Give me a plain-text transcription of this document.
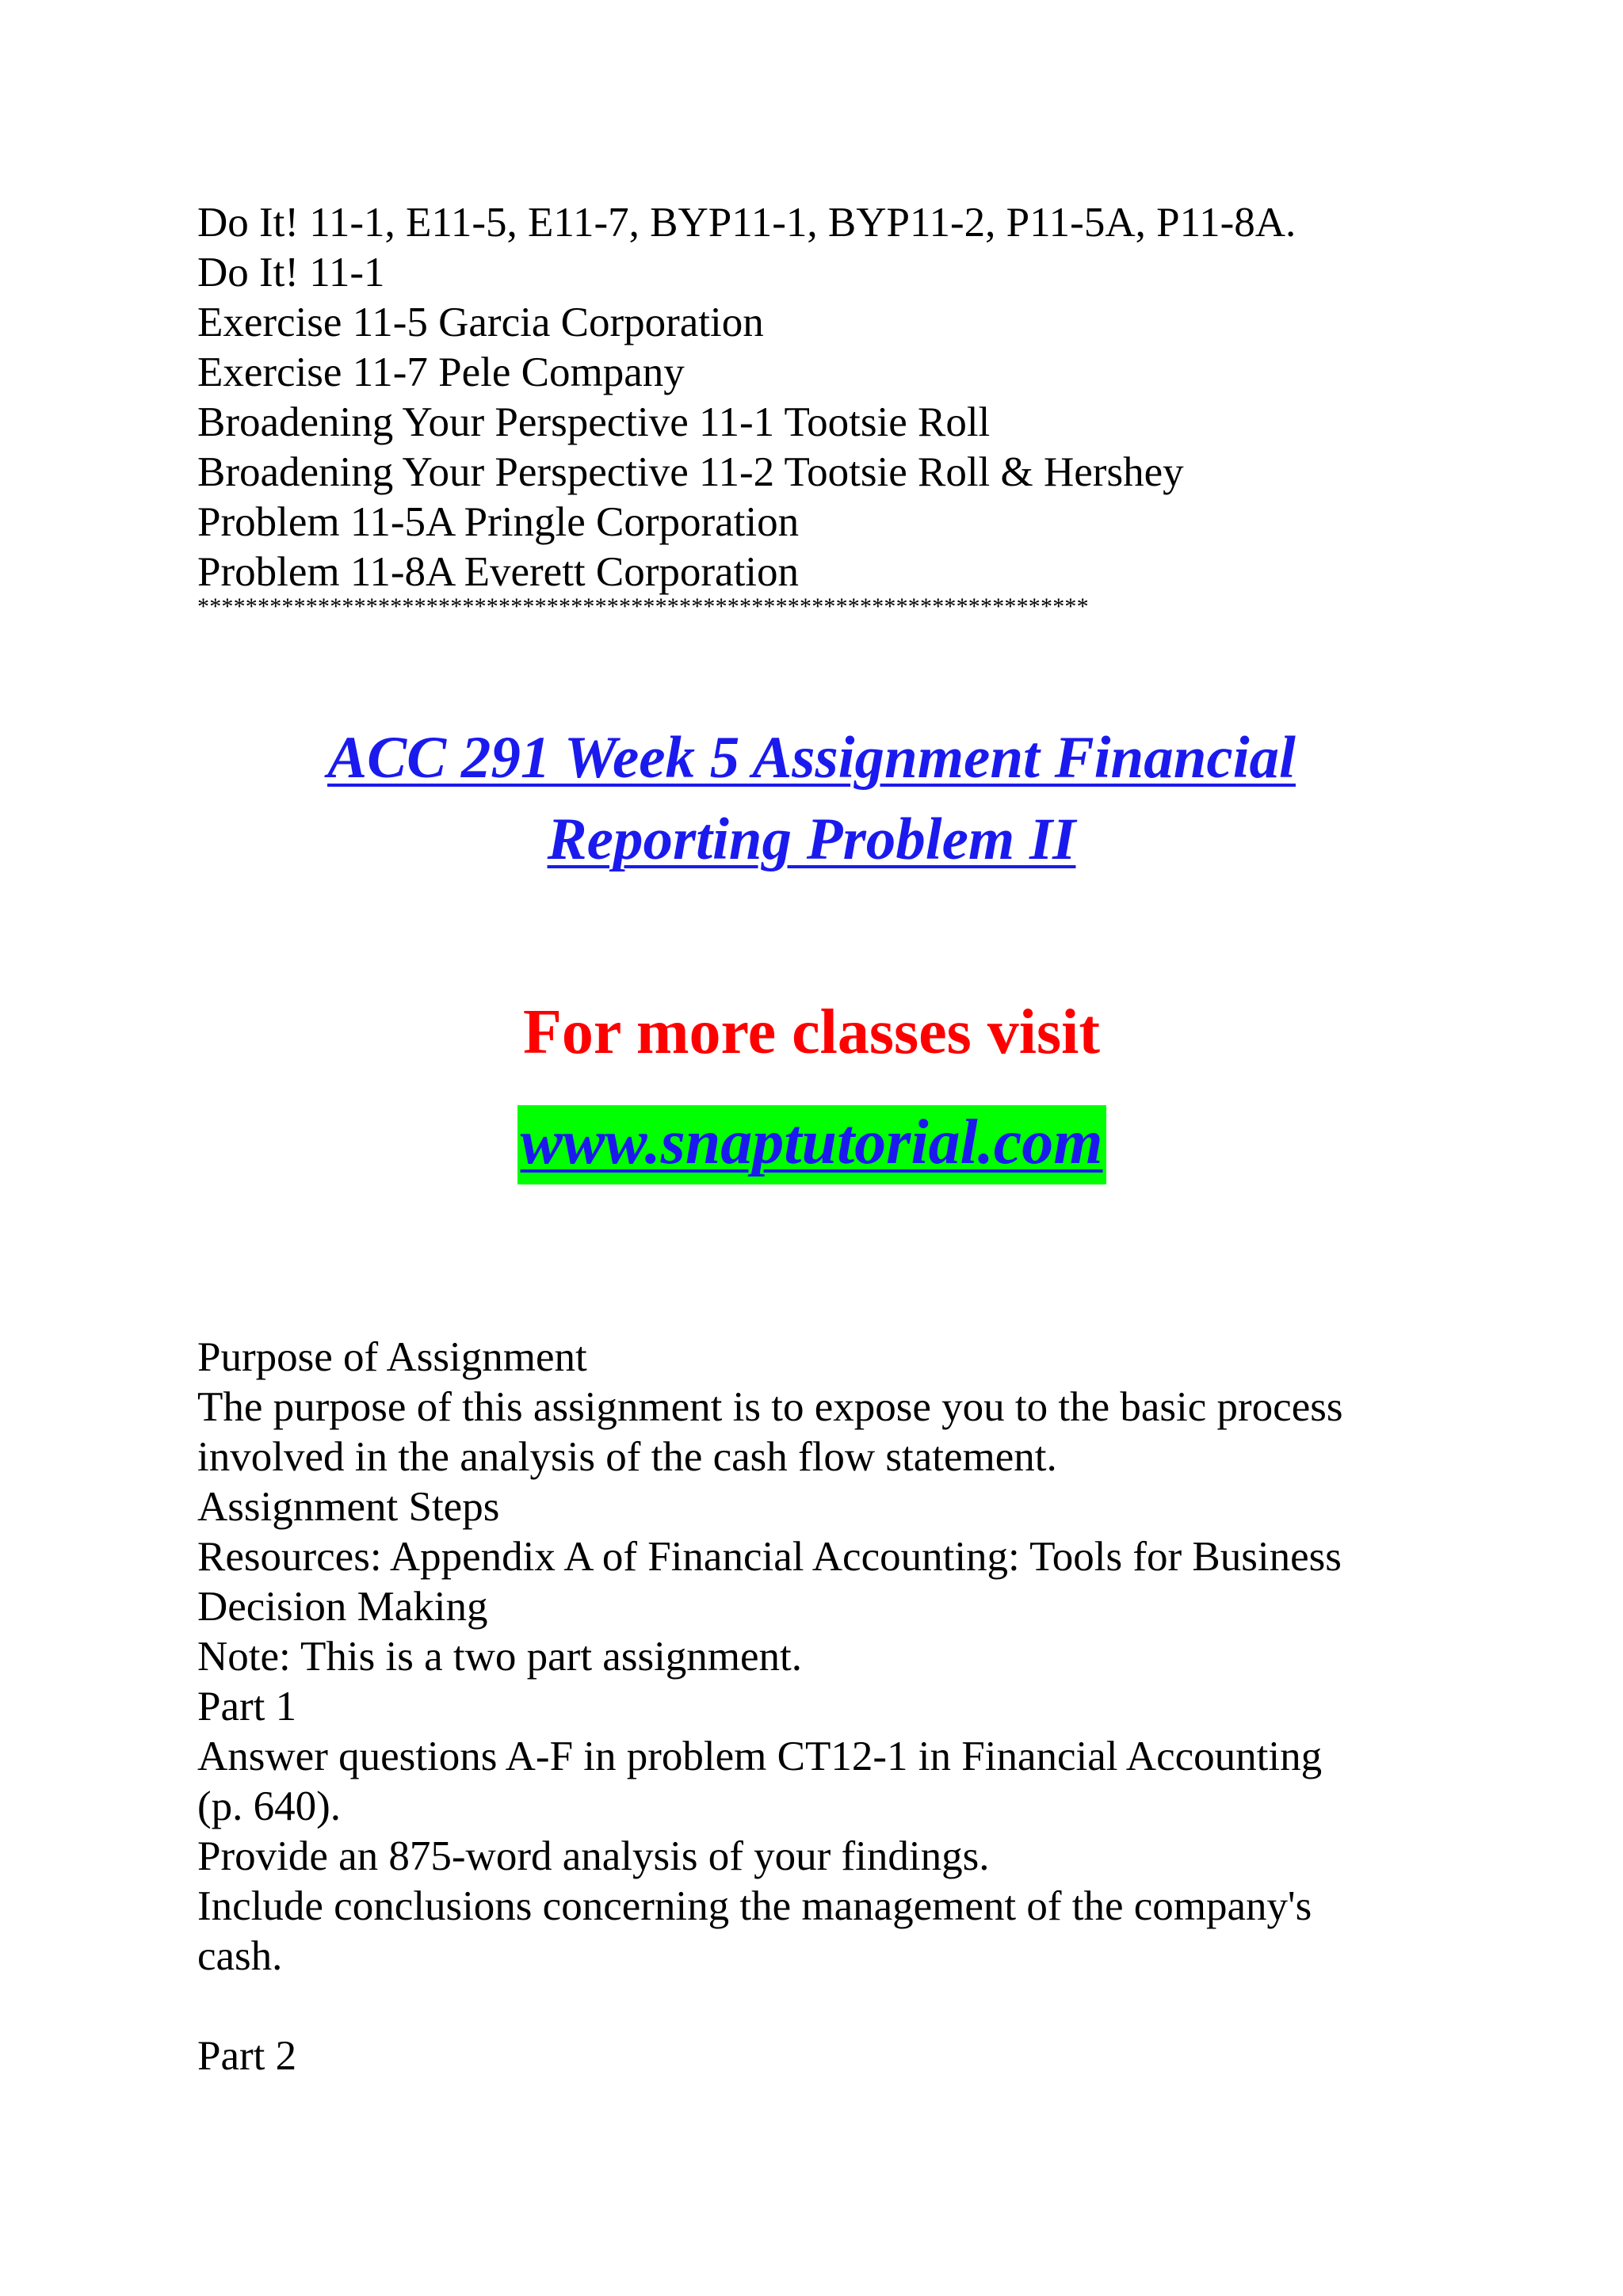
Do It! 11-1, E11-5, E11-7, BYP11-1, BYP11-2, P11-5A, P11-8A.
Do It! 11-1
Exercise 11-5 Garcia Corporation
Exercise 11-7 Pele Company
Broadening Your Perspective 11-1 Tootsie Roll
Broadening Your Perspective 11-2 Tootsie Roll & Hershey
Problem 11-5A Pringle Corporation
Problem 11-8A Everett Corporation
**************************************************************************
ACC 291 Week 5 Assignment Financial
Reporting Problem II
For more classes visit
www.snaptutorial.com
Purpose of Assignment
The purpose of this assignment is to expose you to the basic process
involved in the analysis of the cash flow statement.
Assignment Steps
Resources: Appendix A of Financial Accounting: Tools for Business
Decision Making
Note: This is a two part assignment.
Part 1
Answer questions A-F in problem CT12-1 in Financial Accounting
(p. 640).
Provide an 875-word analysis of your findings.
Include conclusions concerning the management of the company's
cash.
Part 2
